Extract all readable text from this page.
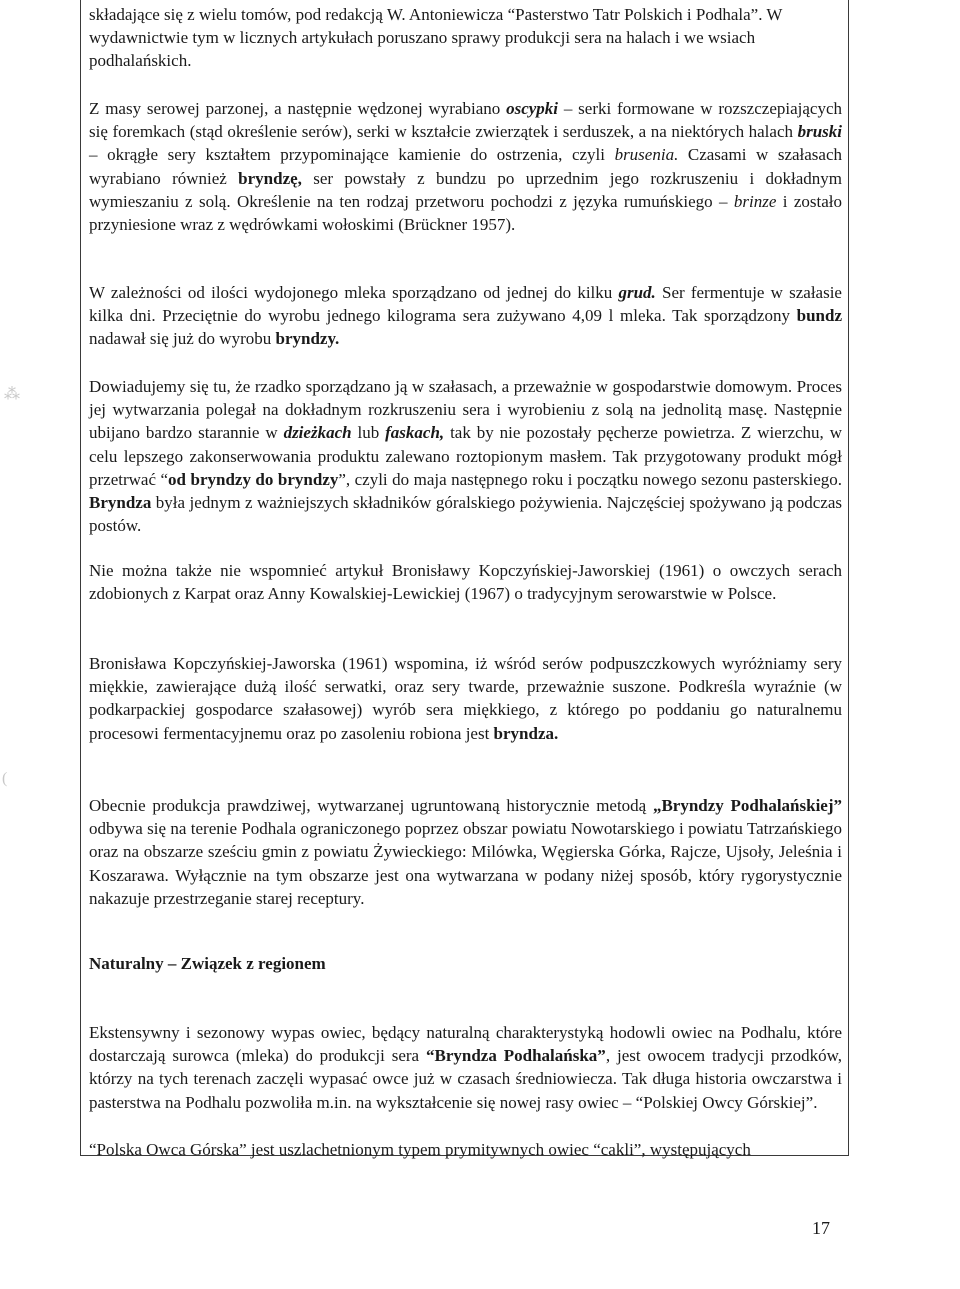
⁂
(

składające się z wielu tomów, pod redakcją W. Antoniewicza “Pasterstwo Tatr Polskich i Podhala”. W wydawnictwie tym w licznych artykułach poruszano sprawy produkcji sera na halach i we wsiach podhalańskich.

Z masy serowej parzonej, a następnie wędzonej wyrabiano oscypki – serki formowane w rozszczepiających się foremkach (stąd określenie serów), serki w kształcie zwierzątek i serduszek, a na niektórych halach bruski – okrągłe sery kształtem przypominające kamienie do ostrzenia, czyli brusenia. Czasami w szałasach wyrabiano również bryndzę, ser powstały z bundzu po uprzednim jego rozkruszeniu i dokładnym wymieszaniu z solą. Określenie na ten rodzaj przetworu pochodzi z języka rumuńskiego – brinze i zostało przyniesione wraz z wędrówkami wołoskimi (Brückner 1957).

W zależności od ilości wydojonego mleka sporządzano od jednej do kilku grud. Ser fermentuje w szałasie kilka dni. Przeciętnie do wyrobu jednego kilograma sera zużywano 4,09 l mleka. Tak sporządzony bundz nadawał się już do wyrobu bryndzy.

Dowiadujemy się tu, że rzadko sporządzano ją w szałasach, a przeważnie w gospodarstwie domowym. Proces jej wytwarzania polegał na dokładnym rozkruszeniu sera i wyrobieniu z solą na jednolitą masę. Następnie ubijano bardzo starannie w dzieżkach lub faskach, tak by nie pozostały pęcherze powietrza. Z wierzchu, w celu lepszego zakonserwowania produktu zalewano roztopionym masłem. Tak przygotowany produkt mógł przetrwać “od bryndzy do bryndzy”, czyli do maja następnego roku i początku nowego sezonu pasterskiego. Bryndza była jednym z ważniejszych składników góralskiego pożywienia. Najczęściej spożywano ją podczas postów.

Nie można także nie wspomnieć artykuł Bronisławy Kopczyńskiej-Jaworskiej (1961) o owczych serach zdobionych z Karpat oraz Anny Kowalskiej-Lewickiej (1967) o tradycyjnym serowarstwie w Polsce.

Bronisława Kopczyńskiej-Jaworska (1961) wspomina, iż wśród serów podpuszczkowych wyróżniamy sery miękkie, zawierające dużą ilość serwatki, oraz sery twarde, przeważnie suszone. Podkreśla wyraźnie (w podkarpackiej gospodarce szałasowej) wyrób sera miękkiego, z którego po poddaniu go naturalnemu procesowi fermentacyjnemu oraz po zasoleniu robiona jest bryndza.

Obecnie produkcja prawdziwej, wytwarzanej ugruntowaną historycznie metodą „Bryndzy Podhalańskiej” odbywa się na terenie Podhala ograniczonego poprzez obszar powiatu Nowotarskiego i powiatu Tatrzańskiego oraz na obszarze sześciu gmin z powiatu Żywieckiego: Milówka, Węgierska Górka, Rajcze, Ujsoły, Jeleśnia i Koszarawa. Wyłącznie na tym obszarze jest ona wytwarzana w podany niżej sposób, który rygorystycznie nakazuje przestrzeganie starej receptury.

Naturalny – Związek z regionem

Ekstensywny i sezonowy wypas owiec, będący naturalną charakterystyką hodowli owiec na Podhalu, które dostarczają surowca (mleka) do produkcji sera “Bryndza Podhalańska”, jest owocem tradycji przodków, którzy na tych terenach zaczęli wypasać owce już w czasach średniowiecza. Tak długa historia owczarstwa i pasterstwa na Podhalu pozwoliła m.in. na wykształcenie się nowej rasy owiec – “Polskiej Owcy Górskiej”.

“Polska Owca Górska” jest uszlachetnionym typem prymitywnych owiec “cakli”, występujących

17
